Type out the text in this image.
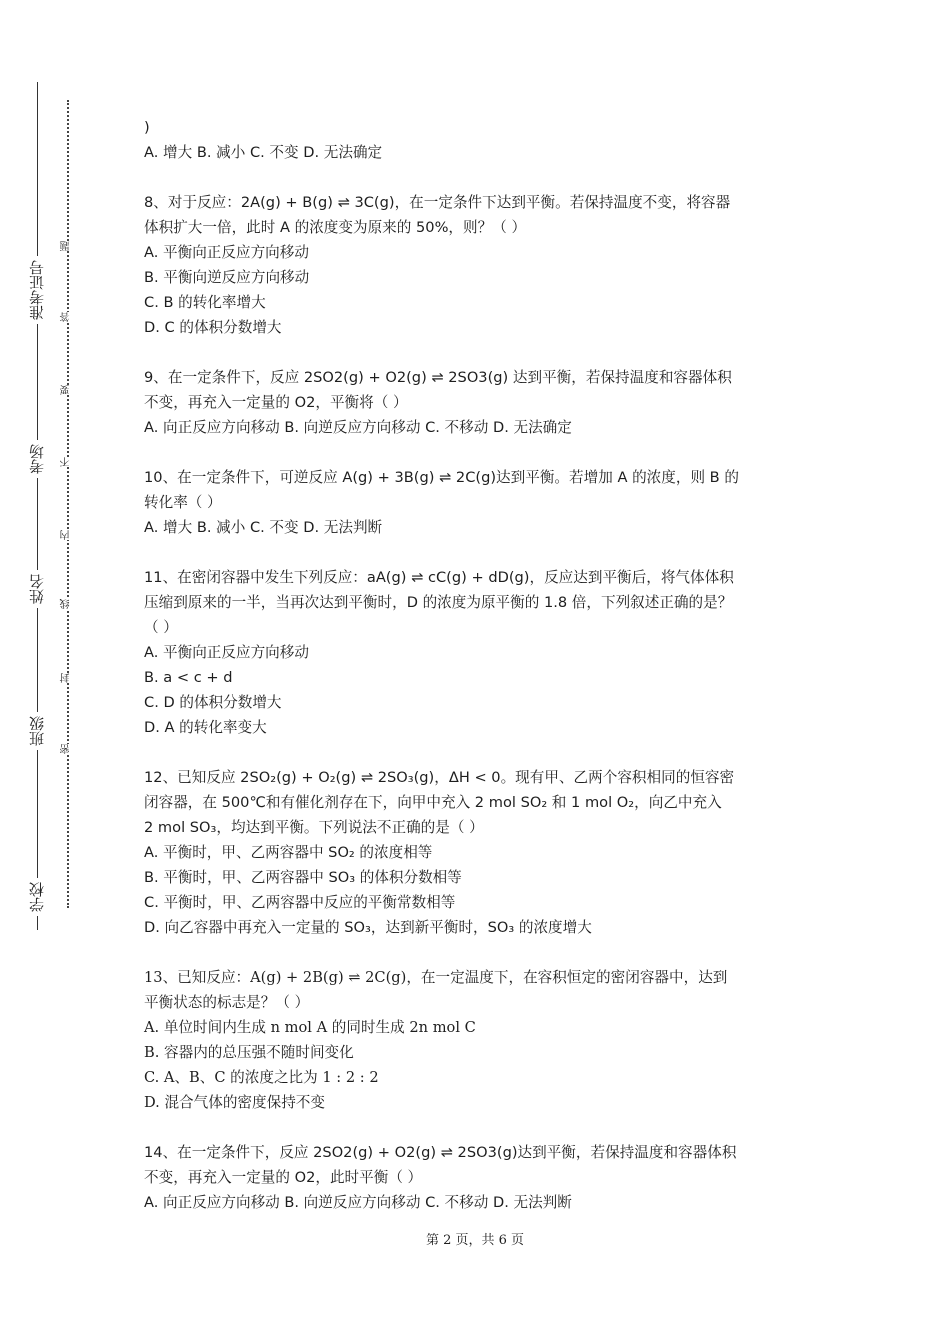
准考证号
考场
姓名
班级
学校
题
答
要
不
内
线
封
密
)
A. 增大 B. 减小 C. 不变 D. 无法确定
8、对于反应：2A(g) + B(g) ⇌ 3C(g)，在一定条件下达到平衡。若保持温度不变，将容器
体积扩大一倍，此时 A 的浓度变为原来的 50%，则？（ ）
A. 平衡向正反应方向移动
B. 平衡向逆反应方向移动
C. B 的转化率增大
D. C 的体积分数增大
9、在一定条件下，反应 2SO2(g) + O2(g) ⇌ 2SO3(g) 达到平衡，若保持温度和容器体积
不变，再充入一定量的 O2，平衡将（ ）
A. 向正反应方向移动 B. 向逆反应方向移动 C. 不移动 D. 无法确定
10、在一定条件下，可逆反应 A(g) + 3B(g) ⇌ 2C(g)达到平衡。若增加 A 的浓度，则 B 的
转化率（ ）
A. 增大 B. 减小 C. 不变 D. 无法判断
11、在密闭容器中发生下列反应：aA(g) ⇌ cC(g) + dD(g)，反应达到平衡后，将气体体积
压缩到原来的一半，当再次达到平衡时，D 的浓度为原平衡的 1.8 倍，下列叙述正确的是？
（ ）
A. 平衡向正反应方向移动
B. a < c + d
C. D 的体积分数增大
D. A 的转化率变大
12、已知反应 2SO₂(g) + O₂(g) ⇌ 2SO₃(g)，ΔH < 0。现有甲、乙两个容积相同的恒容密
闭容器，在 500℃和有催化剂存在下，向甲中充入 2 mol SO₂ 和 1 mol O₂，向乙中充入
2 mol SO₃，均达到平衡。下列说法不正确的是（ ）
A. 平衡时，甲、乙两容器中 SO₂ 的浓度相等
B. 平衡时，甲、乙两容器中 SO₃ 的体积分数相等
C. 平衡时，甲、乙两容器中反应的平衡常数相等
D. 向乙容器中再充入一定量的 SO₃，达到新平衡时，SO₃ 的浓度增大
13、已知反应：A(g) + 2B(g) ⇌ 2C(g)，在一定温度下，在容积恒定的密闭容器中，达到
平衡状态的标志是？（ ）
A. 单位时间内生成 n mol A 的同时生成 2n mol C
B. 容器内的总压强不随时间变化
C. A、B、C 的浓度之比为 1 : 2 : 2
D. 混合气体的密度保持不变
14、在一定条件下，反应 2SO2(g) + O2(g) ⇌ 2SO3(g)达到平衡，若保持温度和容器体积
不变，再充入一定量的 O2，此时平衡（ ）
A. 向正反应方向移动 B. 向逆反应方向移动 C. 不移动 D. 无法判断
第 2 页，共 6 页
